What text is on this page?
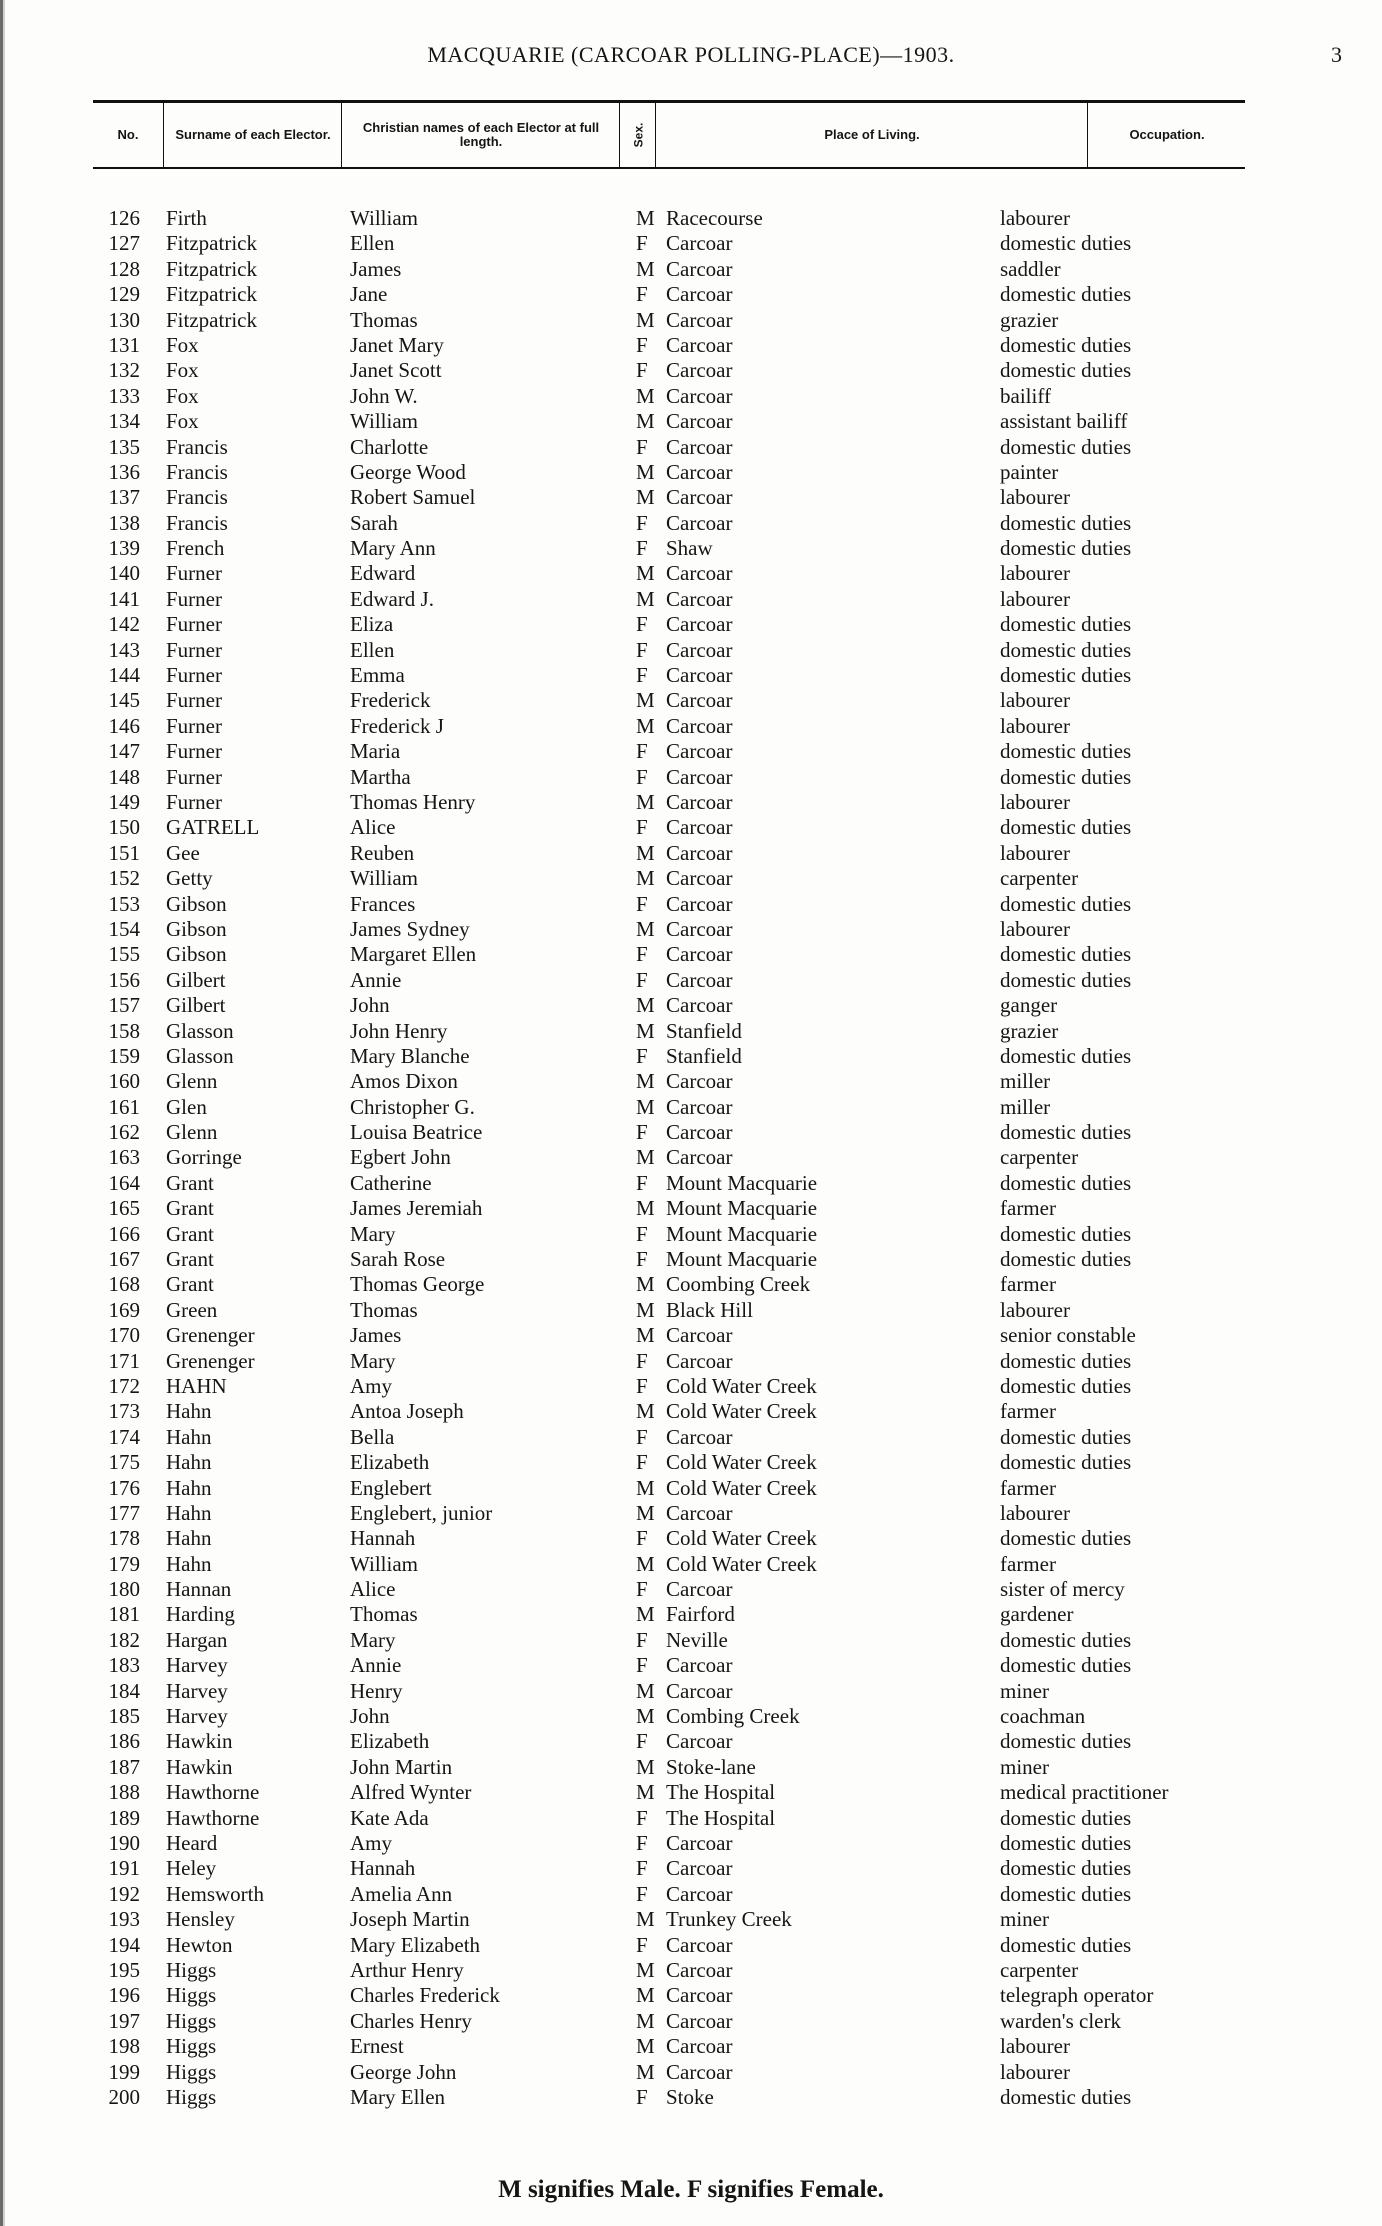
MACQUARIE (CARCOAR POLLING-PLACE)—1903.	3
No.	Surname of each Elector.	Christian names of each Elector at full length.	Sex.	Place of Living.	Occupation.
126 Firth	William	M Racecourse	labourer
127 Fitzpatrick	Ellen	F Carcoar	domestic duties
128 Fitzpatrick	James	M Carcoar	saddler
129 Fitzpatrick	Jane	F Carcoar	domestic duties
130 Fitzpatrick	Thomas	M Carcoar	grazier
131 Fox	Janet Mary	F Carcoar	domestic duties
132 Fox	Janet Scott	F Carcoar	domestic duties
133 Fox	John W.	M Carcoar	bailiff
134 Fox	William	M Carcoar	assistant bailiff
135 Francis	Charlotte	F Carcoar	domestic duties
136 Francis	George Wood	M Carcoar	painter
137 Francis	Robert Samuel	M Carcoar	labourer
138 Francis	Sarah	F Carcoar	domestic duties
139 French	Mary Ann	F Shaw	domestic duties
140 Furner	Edward	M Carcoar	labourer
141 Furner	Edward J.	M Carcoar	labourer
142 Furner	Eliza	F Carcoar	domestic duties
143 Furner	Ellen	F Carcoar	domestic duties
144 Furner	Emma	F Carcoar	domestic duties
145 Furner	Frederick	M Carcoar	labourer
146 Furner	Frederick J	M Carcoar	labourer
147 Furner	Maria	F Carcoar	domestic duties
148 Furner	Martha	F Carcoar	domestic duties
149 Furner	Thomas Henry	M Carcoar	labourer
150 GATRELL	Alice	F Carcoar	domestic duties
151 Gee	Reuben	M Carcoar	labourer
152 Getty	William	M Carcoar	carpenter
153 Gibson	Frances	F Carcoar	domestic duties
154 Gibson	James Sydney	M Carcoar	labourer
155 Gibson	Margaret Ellen	F Carcoar	domestic duties
156 Gilbert	Annie	F Carcoar	domestic duties
157 Gilbert	John	M Carcoar	ganger
158 Glasson	John Henry	M Stanfield	grazier
159 Glasson	Mary Blanche	F Stanfield	domestic duties
160 Glenn	Amos Dixon	M Carcoar	miller
161 Glen	Christopher G.	M Carcoar	miller
162 Glenn	Louisa Beatrice	F Carcoar	domestic duties
163 Gorringe	Egbert John	M Carcoar	carpenter
164 Grant	Catherine	F Mount Macquarie	domestic duties
165 Grant	James Jeremiah	M Mount Macquarie	farmer
166 Grant	Mary	F Mount Macquarie	domestic duties
167 Grant	Sarah Rose	F Mount Macquarie	domestic duties
168 Grant	Thomas George	M Coombing Creek	farmer
169 Green	Thomas	M Black Hill	labourer
170 Grenenger	James	M Carcoar	senior constable
171 Grenenger	Mary	F Carcoar	domestic duties
172 HAHN	Amy	F Cold Water Creek	domestic duties
173 Hahn	Antoa Joseph	M Cold Water Creek	farmer
174 Hahn	Bella	F Carcoar	domestic duties
175 Hahn	Elizabeth	F Cold Water Creek	domestic duties
176 Hahn	Englebert	M Cold Water Creek	farmer
177 Hahn	Englebert, junior	M Carcoar	labourer
178 Hahn	Hannah	F Cold Water Creek	domestic duties
179 Hahn	William	M Cold Water Creek	farmer
180 Hannan	Alice	F Carcoar	sister of mercy
181 Harding	Thomas	M Fairford	gardener
182 Hargan	Mary	F Neville	domestic duties
183 Harvey	Annie	F Carcoar	domestic duties
184 Harvey	Henry	M Carcoar	miner
185 Harvey	John	M Combing Creek	coachman
186 Hawkin	Elizabeth	F Carcoar	domestic duties
187 Hawkin	John Martin	M Stoke-lane	miner
188 Hawthorne	Alfred Wynter	M The Hospital	medical practitioner
189 Hawthorne	Kate Ada	F The Hospital	domestic duties
190 Heard	Amy	F Carcoar	domestic duties
191 Heley	Hannah	F Carcoar	domestic duties
192 Hemsworth	Amelia Ann	F Carcoar	domestic duties
193 Hensley	Joseph Martin	M Trunkey Creek	miner
194 Hewton	Mary Elizabeth	F Carcoar	domestic duties
195 Higgs	Arthur Henry	M Carcoar	carpenter
196 Higgs	Charles Frederick	M Carcoar	telegraph operator
197 Higgs	Charles Henry	M Carcoar	warden's clerk
198 Higgs	Ernest	M Carcoar	labourer
199 Higgs	George John	M Carcoar	labourer
200 Higgs	Mary Ellen	F Stoke	domestic duties
M signifies Male. F signifies Female.
